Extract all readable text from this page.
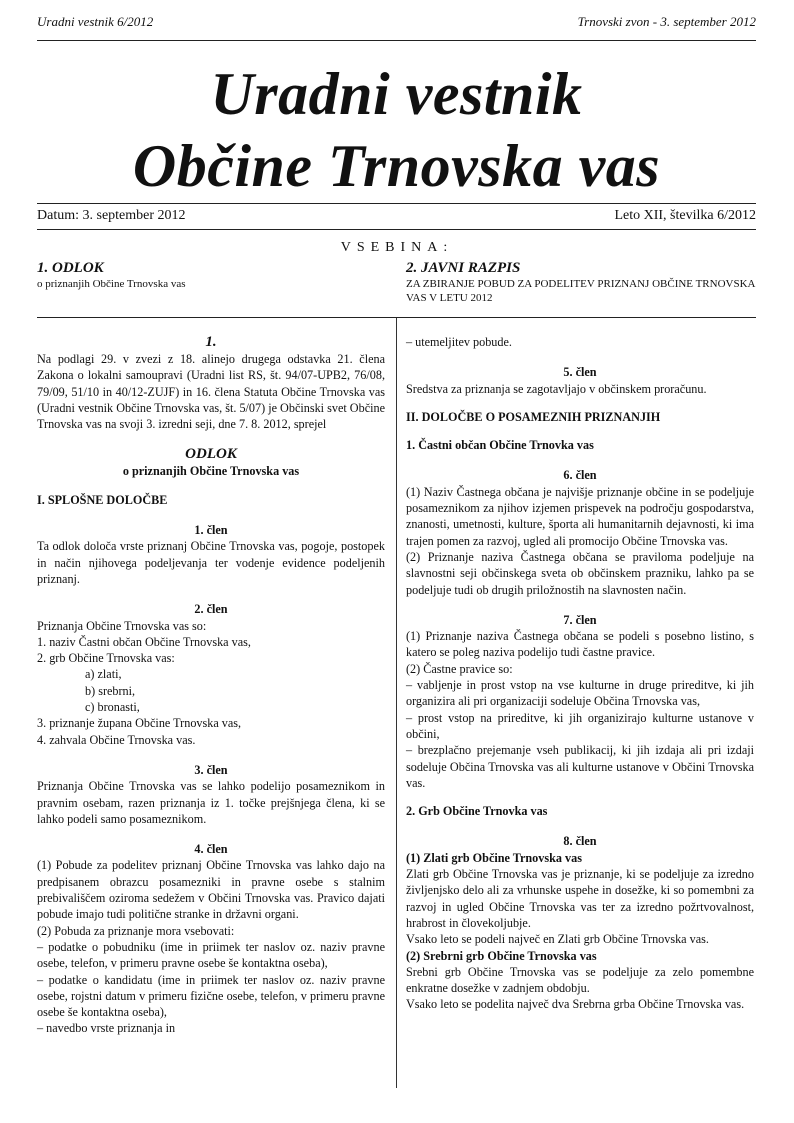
Uradni vestnik 6/2012	Trnovski zvon - 3. september 2012
Uradni vestnik
Občine Trnovska vas
Datum: 3. september 2012	Leto XII, številka 6/2012
VSEBINA:
1. ODLOK
o priznanjih Občine Trnovska vas
2. JAVNI RAZPIS
ZA ZBIRANJE POBUD ZA PODELITEV PRIZNANJ OBČINE TRNOVSKA VAS V LETU 2012

1.

Na podlagi 29. v zvezi z 18. alinejo drugega odstavka 21. člena Zakona o lokalni samoupravi (Uradni list RS, št. 94/07-UPB2, 76/08, 79/09, 51/10 in 40/12-ZUJF) in 16. člena Statuta Občine Trnovska vas (Uradni vestnik Občine Trnovska vas, št. 5/07) je Občinski svet Občine Trnovska vas na svoji 3. izredni seji, dne 7. 8. 2012, sprejel

ODLOK

o priznanjih Občine Trnovska vas

I. SPLOŠNE DOLOČBE

1. člen

Ta odlok določa vrste priznanj Občine Trnovska vas, pogoje, postopek in način njihovega podeljevanja ter vodenje evidence podeljenih priznanj.

2. člen

Priznanja Občine Trnovska vas so:

1. naziv Častni občan Občine Trnovska vas,

2. grb Občine Trnovska vas:

a) zlati,

b) srebrni,

c) bronasti,

3. priznanje župana Občine Trnovska vas,

4. zahvala Občine Trnovska vas.

3. člen

Priznanja Občine Trnovska vas se lahko podelijo posameznikom in pravnim osebam, razen priznanja iz 1. točke prejšnjega člena, ki se lahko podeli samo posameznikom.

4. člen

(1) Pobude za podelitev priznanj Občine Trnovska vas lahko dajo na predpisanem obrazcu posamezniki in pravne osebe s stalnim prebivališčem oziroma sedežem v Občini Trnovska vas. Pravico dajati pobude imajo tudi politične stranke in državni organi.

(2) Pobuda za priznanje mora vsebovati:

– podatke o pobudniku (ime in priimek ter naslov oz. naziv pravne osebe, telefon, v primeru pravne osebe še kontaktna oseba),

– podatke o kandidatu (ime in priimek ter naslov oz. naziv pravne osebe, rojstni datum v primeru fizične osebe, telefon, v primeru pravne osebe še kontaktna oseba),

– navedbo vrste priznanja in

– utemeljitev pobude.

5. člen

Sredstva za priznanja se zagotavljajo v občinskem proračunu.

II. DOLOČBE O POSAMEZNIH PRIZNANJIH

1. Častni občan Občine Trnovka vas

6. člen

(1) Naziv Častnega občana je najvišje priznanje občine in se podeljuje posameznikom za njihov izjemen prispevek na področju gospodarstva, znanosti, umetnosti, kulture, športa ali humanitarnih dejavnosti, ki ima trajen pomen za razvoj, ugled ali promocijo Občine Trnovska vas.

(2) Priznanje naziva Častnega občana se praviloma podeljuje na slavnostni seji občinskega sveta ob občinskem prazniku, lahko pa se podeljuje tudi ob drugih priložnostih na slavnosten način.

7. člen

(1) Priznanje naziva Častnega občana se podeli s posebno listino, s katero se poleg naziva podelijo tudi častne pravice.

(2) Častne pravice so:

– vabljenje in prost vstop na vse kulturne in druge prireditve, ki jih organizira ali pri organizaciji sodeluje Občina Trnovska vas,

– prost vstop na prireditve, ki jih organizirajo kulturne ustanove v občini,

– brezplačno prejemanje vseh publikacij, ki jih izdaja ali pri izdaji sodeluje Občina Trnovska vas ali kulturne ustanove v Občini Trnovska vas.

2. Grb Občine Trnovka vas

8. člen

(1) Zlati grb Občine Trnovska vas

Zlati grb Občine Trnovska vas je priznanje, ki se podeljuje za izredno življenjsko delo ali za vrhunske uspehe in dosežke, ki so pomembni za razvoj in ugled Občine Trnovska vas ter za izredno požrtvovalnost, hrabrost in človekoljubje.

Vsako leto se podeli največ en Zlati grb Občine Trnovska vas.

(2) Srebrni grb Občine Trnovska vas

Srebni grb Občine Trnovska vas se podeljuje za zelo pomembne enkratne dosežke v zadnjem obdobju.

Vsako leto se podelita največ dva Srebrna grba Občine Trnovska vas.
